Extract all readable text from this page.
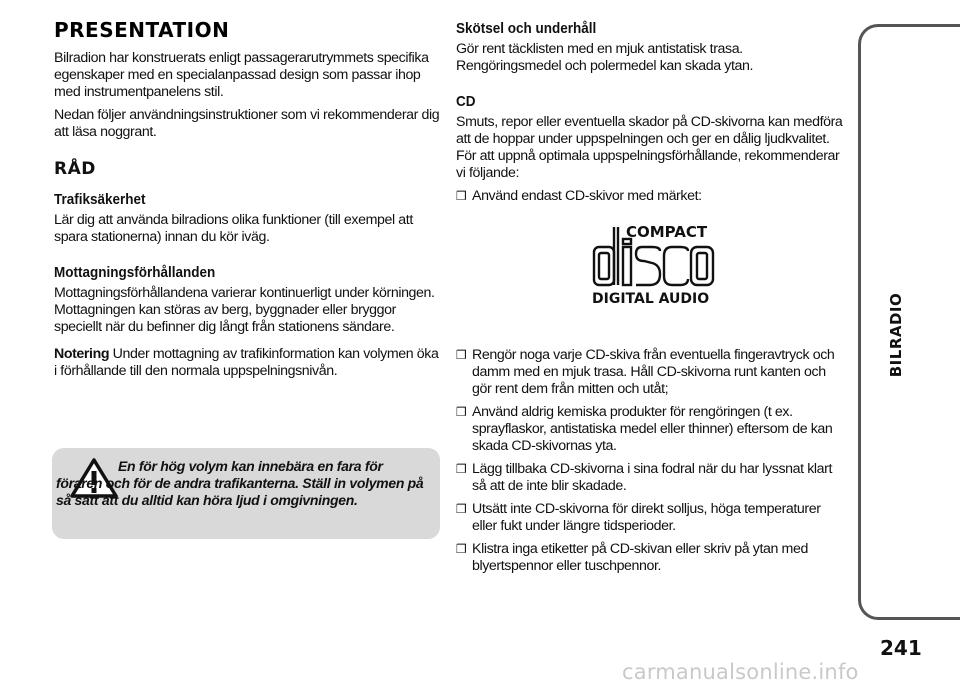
PRESENTATION

Bilradion har konstruerats enligt passagerarutrymmets specifika egenskaper med en specialanpassad design som passar ihop med instrumentpanelens stil.

Nedan följer användningsinstruktioner som vi rekommenderar dig att läsa noggrant.

RÅD
Trafiksäkerhet

Lär dig att använda bilradions olika funktioner (till exempel att spara stationerna) innan du kör iväg.

Mottagningsförhållanden

Mottagningsförhållandena varierar kontinuerligt under körningen. Mottagningen kan störas av berg, byggnader eller bryggor speciellt när du befinner dig långt från stationens sändare.

Notering Under mottagning av trafikinformation kan volymen öka i förhållande till den normala uppspelningsnivån.

En för hög volym kan innebära en fara för föraren och för de andra trafikanterna. Ställ in volymen på så sätt att du alltid kan höra ljud i omgivningen.
Skötsel och underhåll

Gör rent täcklisten med en mjuk antistatisk trasa. Rengöringsmedel och polermedel kan skada ytan.

CD

Smuts, repor eller eventuella skador på CD-skivorna kan medföra att de hoppar under uppspelningen och ger en dålig ljudkvalitet. För att uppnå optimala uppspelningsförhållande, rekommenderar vi följande:

❒ Använd endast CD-skivor med märket:

COMPACT
DIGITAL AUDIO

❒ Rengör noga varje CD-skiva från eventuella fingeravtryck och damm med en mjuk trasa. Håll CD-skivorna runt kanten och gör rent dem från mitten och utåt;

❒ Använd aldrig kemiska produkter för rengöringen (t ex. sprayflaskor, antistatiska medel eller thinner) eftersom de kan skada CD-skivornas yta.

❒ Lägg tillbaka CD-skivorna i sina fodral när du har lyssnat klart så att de inte blir skadade.

❒ Utsätt inte CD-skivorna för direkt solljus, höga temperaturer eller fukt under längre tidsperioder.

❒ Klistra inga etiketter på CD-skivan eller skriv på ytan med blyertspennor eller tuschpennor.

BILRADIO
241
carmanualsonline.info
